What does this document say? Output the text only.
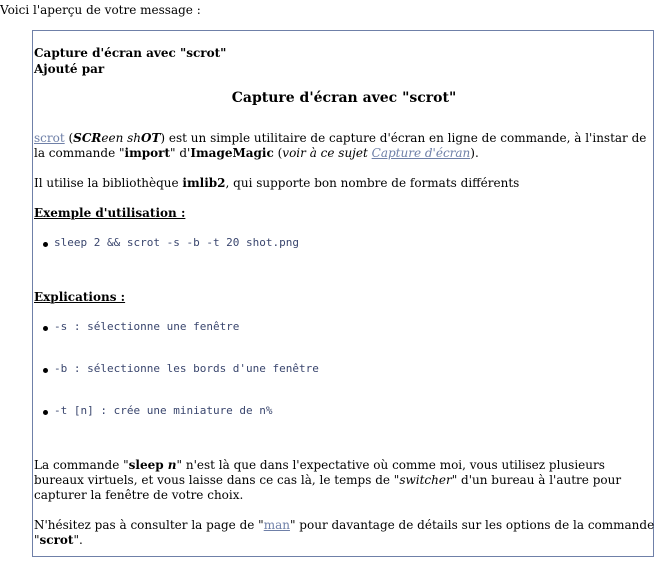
Voici l'aperçu de votre message :
Capture d'écran avec "scrot"
Ajouté par
Capture d'écran avec "scrot"
scrot (SCReen shOT) est un simple utilitaire de capture d'écran en ligne de commande, à l'instar de la commande "import" d'ImageMagic (voir à ce sujet Capture d'écran).
Il utilise la bibliothèque imlib2, qui supporte bon nombre de formats différents
Exemple d'utilisation :
sleep 2 && scrot -s -b -t 20 shot.png
Explications :
-s : sélectionne une fenêtre
-b : sélectionne les bords d'une fenêtre
-t [n] : crée une miniature de n%
La commande "sleep n" n'est là que dans l'expectative où comme moi, vous utilisez plusieurs bureaux virtuels, et vous laisse dans ce cas là, le temps de "switcher" d'un bureau à l'autre pour capturer la fenêtre de votre choix.
N'hésitez pas à consulter la page de "man" pour davantage de détails sur les options de la commande "scrot".
